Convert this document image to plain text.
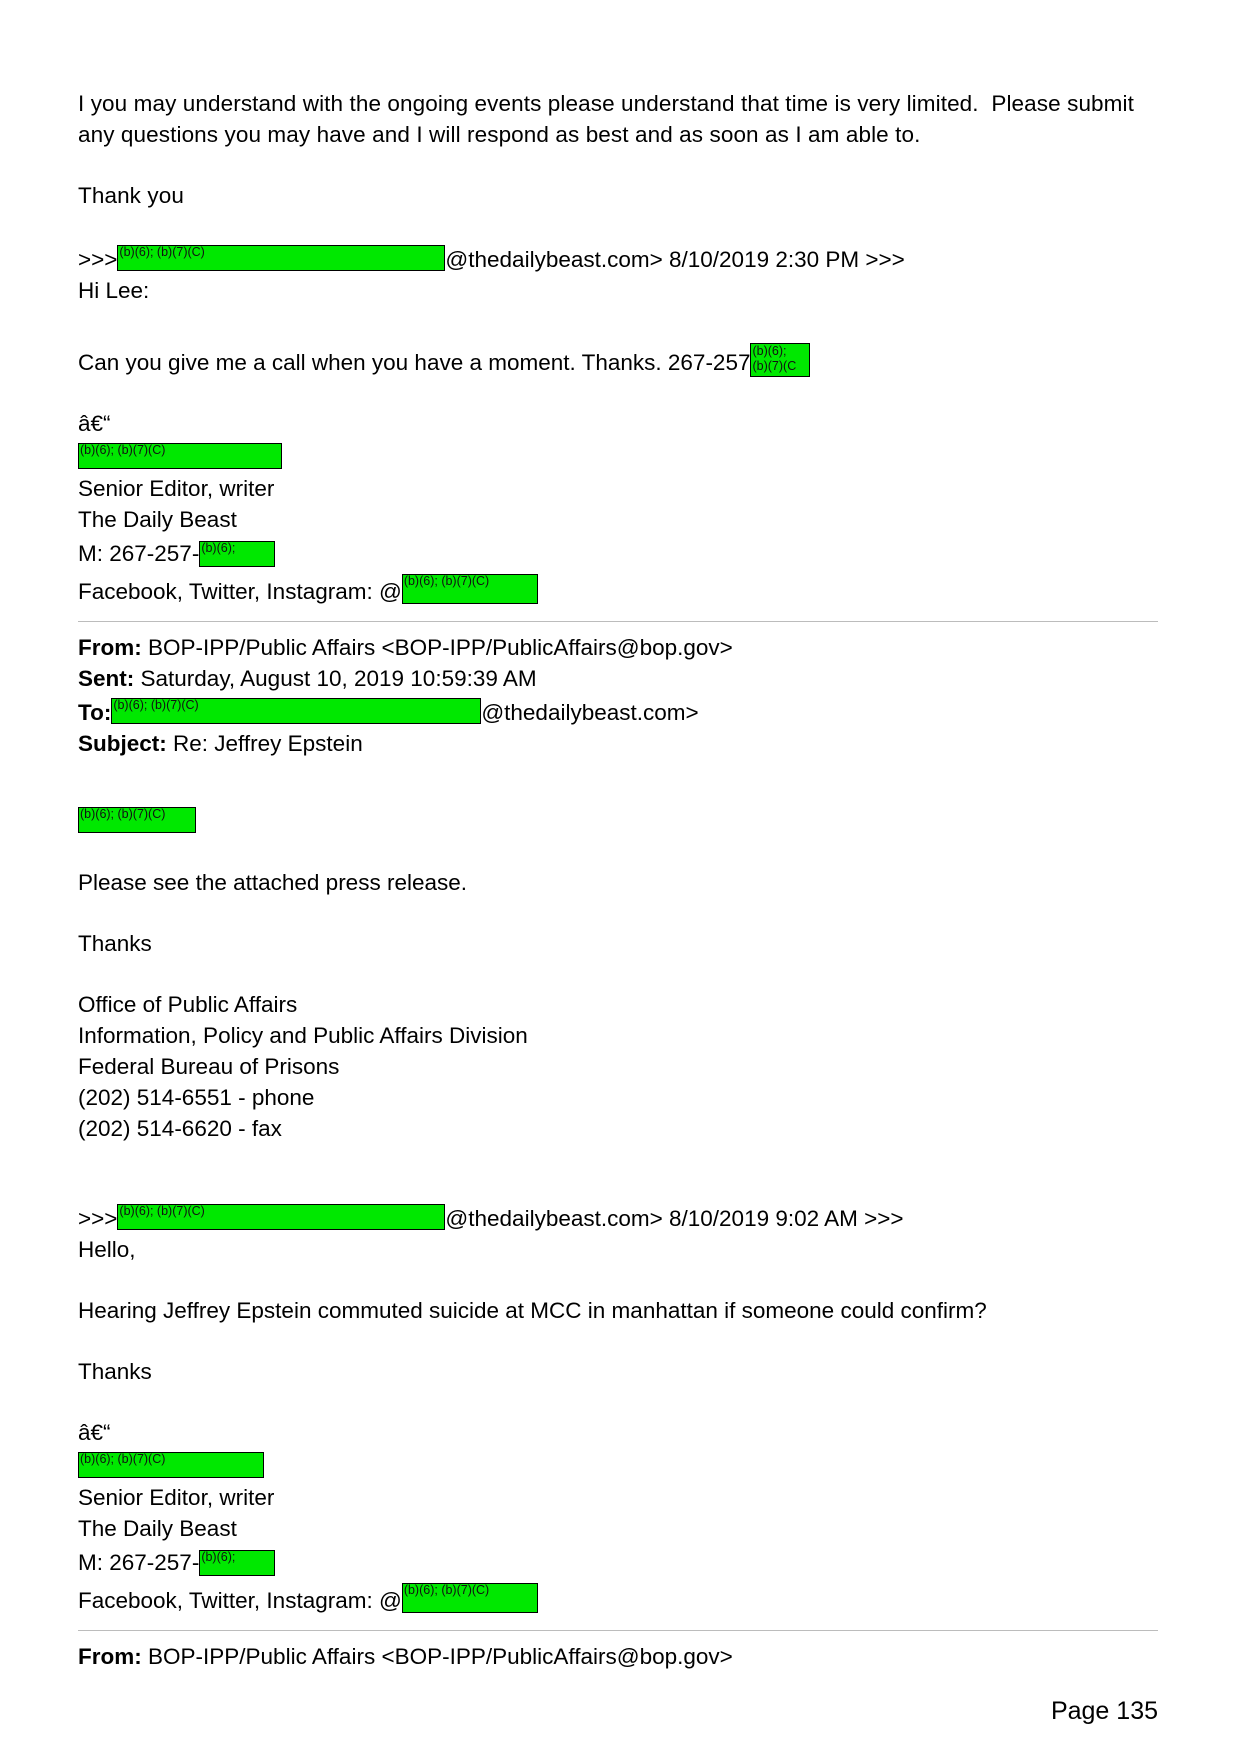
I you may understand with the ongoing events please understand that time is very limited.  Please submit any questions you may have and I will respond as best and as soon as I am able to.
Thank you
>>> (b)(6); (b)(7)(C)	@thedailybeast.com> 8/10/2019 2:30 PM >>>
Hi Lee:
Can you give me a call when you have a moment. Thanks. 267-257 (b)(6);
(b)(7)(C
â€“
(b)(6); (b)(7)(C)
Senior Editor, writer
The Daily Beast
M: 267-257- (b)(6);
Facebook, Twitter, Instagram: @ (b)(6); (b)(7)(C)
From: BOP-IPP/Public Affairs <BOP-IPP/PublicAffairs@bop.gov>
Sent: Saturday, August 10, 2019 10:59:39 AM
To: (b)(6); (b)(7)(C)	@thedailybeast.com>
Subject: Re: Jeffrey Epstein
(b)(6); (b)(7)(C)
Please see the attached press release.
Thanks
Office of Public Affairs
Information, Policy and Public Affairs Division
Federal Bureau of Prisons
(202) 514-6551 - phone
(202) 514-6620 - fax
>>> (b)(6); (b)(7)(C)	@thedailybeast.com> 8/10/2019 9:02 AM >>>
Hello,
Hearing Jeffrey Epstein commuted suicide at MCC in manhattan if someone could confirm?
Thanks
â€“
(b)(6); (b)(7)(C)
Senior Editor, writer
The Daily Beast
M: 267-257- (b)(6);
Facebook, Twitter, Instagram: @ (b)(6); (b)(7)(C)
From: BOP-IPP/Public Affairs <BOP-IPP/PublicAffairs@bop.gov>
Page 135
